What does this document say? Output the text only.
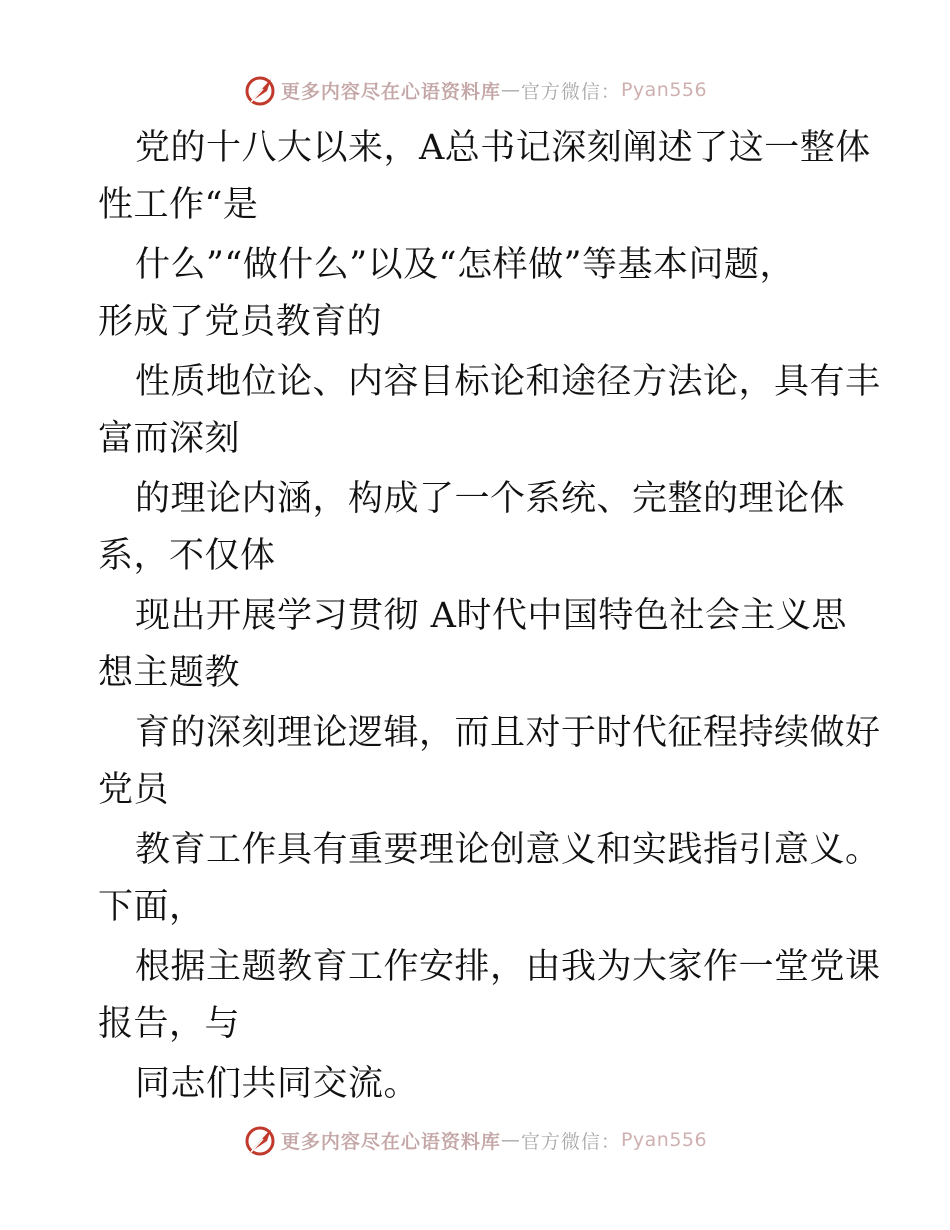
更多内容尽在心语资料库 — 官方微信： Pyan556
党的十八大以来，A总书记深刻阐述了这一整体
性工作“是
什么”“做什么”以及“怎样做”等基本问题，
形成了党员教育的
性质地位论、内容目标论和途径方法论，具有丰
富而深刻
的理论内涵，构成了一个系统、完整的理论体
系，不仅体
现出开展学习贯彻 A时代中国特色社会主义思
想主题教
育的深刻理论逻辑，而且对于时代征程持续做好
党员
教育工作具有重要理论创意义和实践指引意义。
下面，
根据主题教育工作安排，由我为大家作一堂党课
报告，与
同志们共同交流。
更多内容尽在心语资料库 — 官方微信： Pyan556
